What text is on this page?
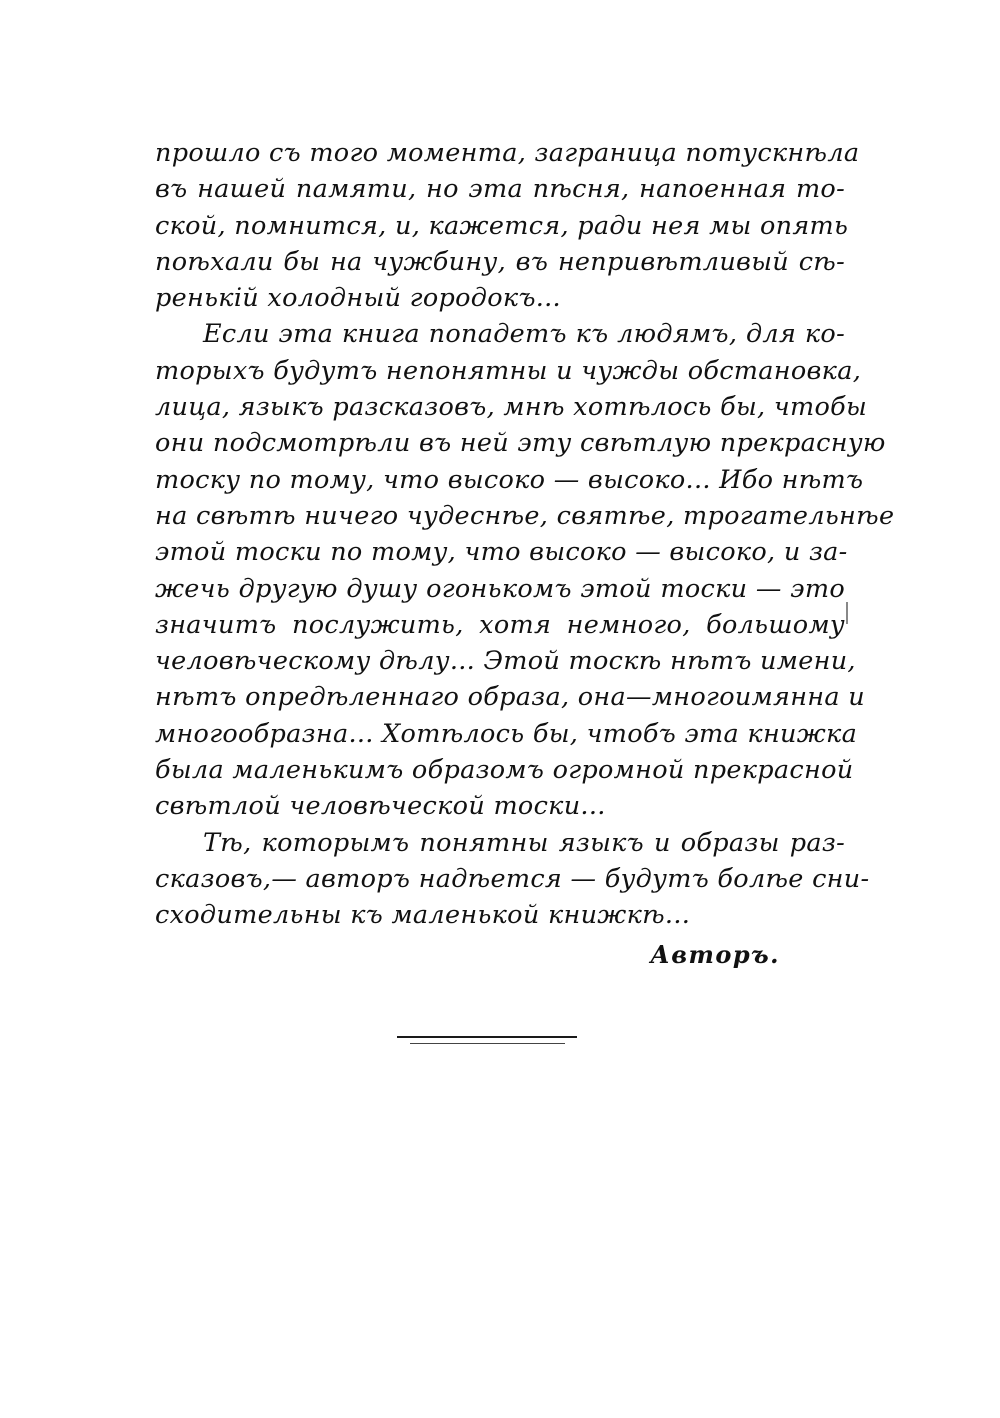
прошло съ того момента, заграница потускнѣла
въ нашей памяти, но эта пѣсня, напоенная то-
ской, помнится, и, кажется, ради нея мы опять
поѣхали бы на чужбину, въ непривѣтливый сѣ-
ренькій холодный городокъ...
Если эта книга попадетъ къ людямъ, для ко-
торыхъ будутъ непонятны и чужды обстановка,
лица, языкъ разсказовъ, мнѣ хотѣлось бы, чтобы
они подсмотрѣли въ ней эту свѣтлую прекрасную
тоску по тому, что высоко — высоко... Ибо нѣтъ
на свѣтѣ ничего чудеснѣе, святѣе, трогательнѣе
этой тоски по тому, что высоко — высоко, и за-
жечь другую душу огонькомъ этой тоски — это
значитъ послужить, хотя немного, большому
человѣческому дѣлу... Этой тоскѣ нѣтъ имени,
нѣтъ опредѣленнаго образа, она—многоимянна и
многообразна... Хотѣлось бы, чтобъ эта книжка
была маленькимъ образомъ огромной прекрасной
свѣтлой человѣческой тоски...
Тѣ, которымъ понятны языкъ и образы раз-
сказовъ,— авторъ надѣется — будутъ болѣе сни-
сходительны къ маленькой книжкѣ...
Авторъ.
